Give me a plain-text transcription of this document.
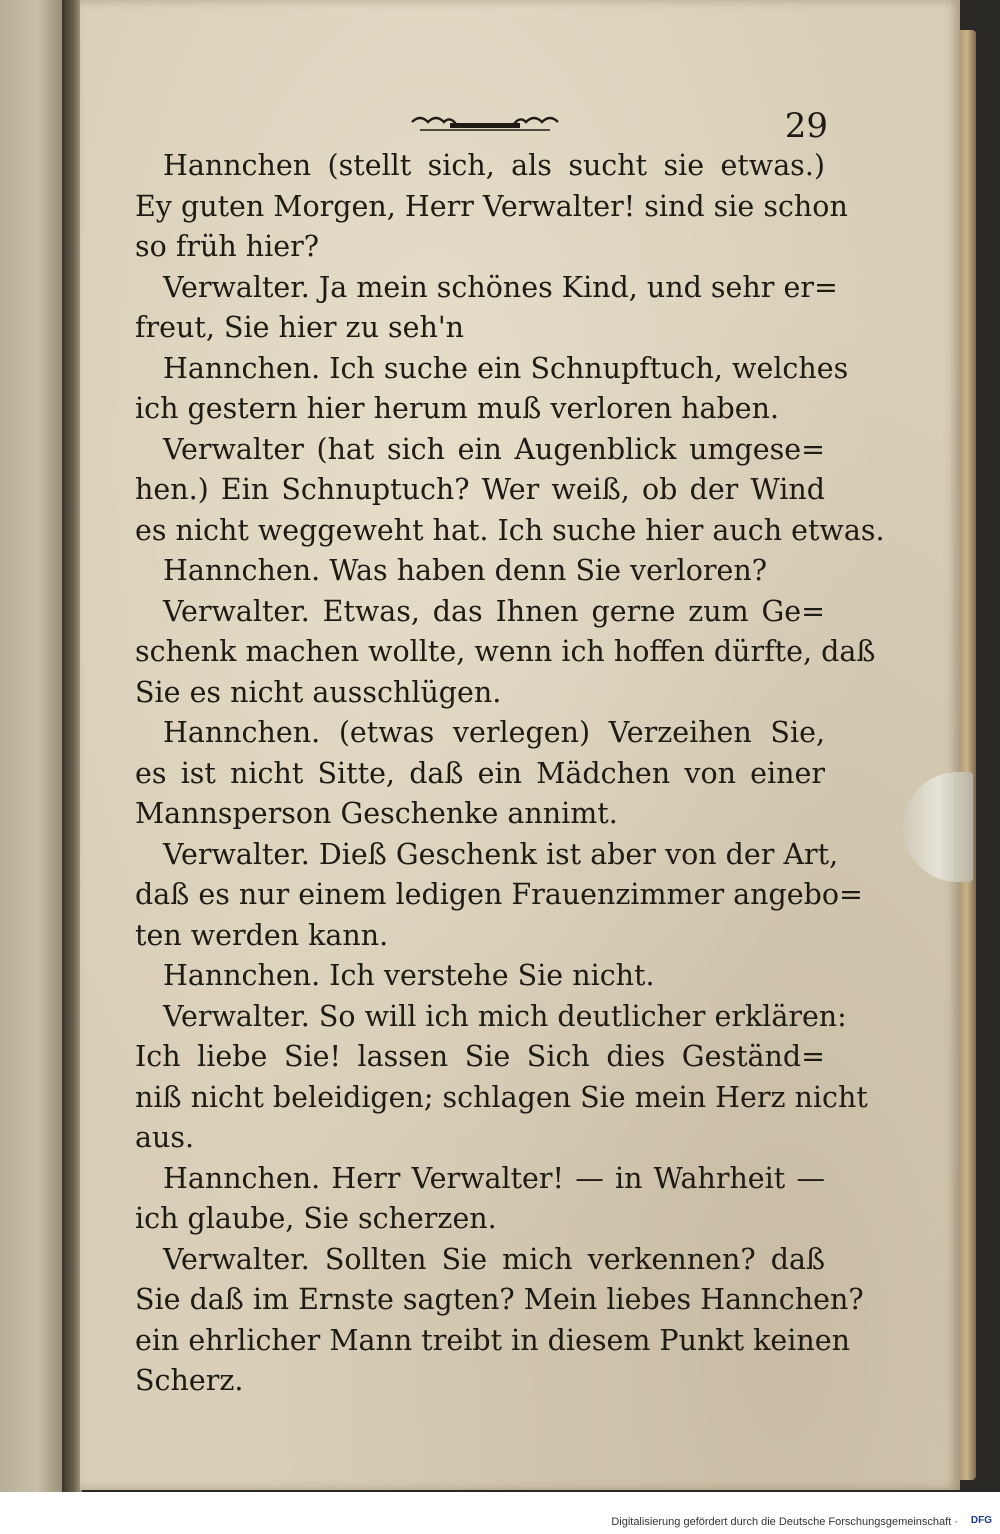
29
Hannchen (stellt sich, als sucht sie etwas.)
Ey guten Morgen, Herr Verwalter! sind sie schon
so früh hier?
Verwalter. Ja mein schönes Kind, und sehr er=
freut, Sie hier zu seh'n
Hannchen. Ich suche ein Schnupftuch, welches
ich gestern hier herum muß verloren haben.
Verwalter (hat sich ein Augenblick umgese=
hen.) Ein Schnuptuch? Wer weiß, ob der Wind
es nicht weggeweht hat. Ich suche hier auch etwas.
Hannchen. Was haben denn Sie verloren?
Verwalter. Etwas, das Ihnen gerne zum Ge=
schenk machen wollte, wenn ich hoffen dürfte, daß
Sie es nicht ausschlügen.
Hannchen. (etwas verlegen) Verzeihen Sie,
es ist nicht Sitte, daß ein Mädchen von einer
Mannsperson Geschenke annimt.
Verwalter. Dieß Geschenk ist aber von der Art,
daß es nur einem ledigen Frauenzimmer angebo=
ten werden kann.
Hannchen. Ich verstehe Sie nicht.
Verwalter. So will ich mich deutlicher erklären:
Ich liebe Sie! lassen Sie Sich dies Geständ=
niß nicht beleidigen; schlagen Sie mein Herz nicht
aus.
Hannchen. Herr Verwalter! — in Wahrheit —
ich glaube, Sie scherzen.
Verwalter. Sollten Sie mich verkennen? daß
Sie daß im Ernste sagten? Mein liebes Hannchen?
ein ehrlicher Mann treibt in diesem Punkt keinen
Scherz.
Digitalisierung gefördert durch die Deutsche Forschungsgemeinschaft · DFG
